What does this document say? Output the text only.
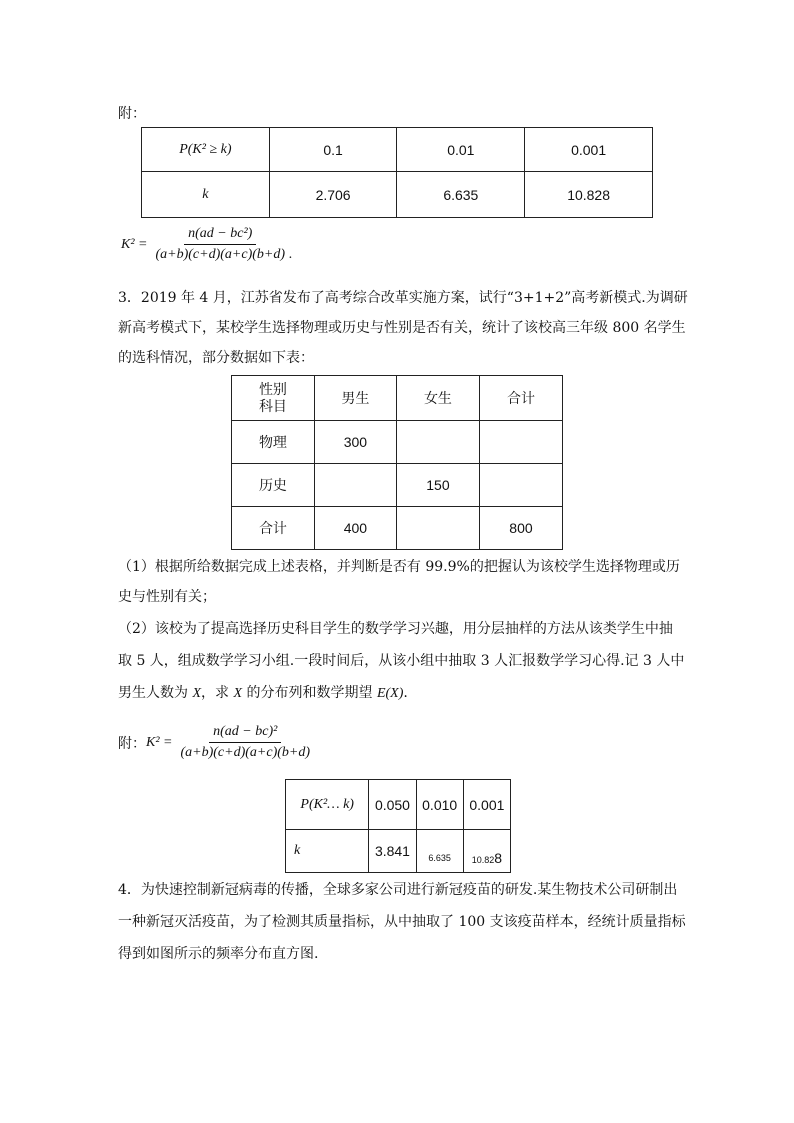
附：
P(K² ≥ k)	0.1	0.01	0.001
k	2.706	6.635	10.828
$K^2 = \frac{\text{n(ad − bc²)}}{(a+b)(c+d)(a+c)(b+d)}$ .
3．2019 年 4 月，江苏省发布了高考综合改革实施方案，试行“3+1+2”高考新模式.为调研
新高考模式下，某校学生选择物理或历史与性别是否有关，统计了该校高三年级 800 名学生
的选科情况，部分数据如下表：
性别
科目	男生	女生	合计
物理	300		
历史		150	
合计	400		800
（1）根据所给数据完成上述表格，并判断是否有 99.9%的把握认为该校学生选择物理或历
史与性别有关；
（2）该校为了提高选择历史科目学生的数学学习兴趣，用分层抽样的方法从该类学生中抽
取 5 人，组成数学学习小组.一段时间后，从该小组中抽取 3 人汇报数学学习心得.记 3 人中
男生人数为 X，求 X 的分布列和数学期望 E(X).
附： $K^2 = \frac{\text{n(ad − bc)²}}{(a+b)(c+d)(a+c)(b+d)}$
P(K²… k)	0.050	0.010	0.001
k	3.841	6.635	10.828
4．为快速控制新冠病毒的传播，全球多家公司进行新冠疫苗的研发.某生物技术公司研制出
一种新冠灭活疫苗，为了检测其质量指标，从中抽取了 100 支该疫苗样本，经统计质量指标
得到如图所示的频率分布直方图.
